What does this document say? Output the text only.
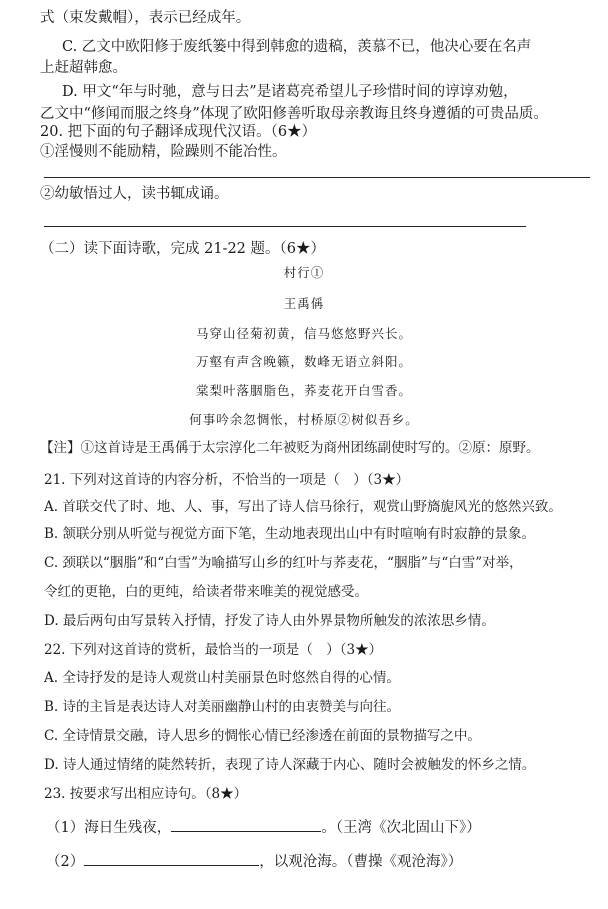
式（束发戴帽），表示已经成年。
C. 乙文中欧阳修于废纸篓中得到韩愈的遗稿，羡慕不已，他决心要在名声
上赶超韩愈。
D. 甲文“年与时驰，意与日去”是诸葛亮希望儿子珍惜时间的谆谆劝勉，
乙文中“修闻而服之终身”体现了欧阳修善听取母亲教诲且终身遵循的可贵品质。
20. 把下面的句子翻译成现代汉语。（6★）
①淫慢则不能励精，险躁则不能冶性。
②幼敏悟过人，读书辄成诵。
（二）读下面诗歌，完成 21-22 题。（6★）
村行①
王禹偁
马穿山径菊初黄，信马悠悠野兴长。
万壑有声含晚籁，数峰无语立斜阳。
棠梨叶落胭脂色，荞麦花开白雪香。
何事吟余忽惆怅，村桥原②树似吾乡。
【注】①这首诗是王禹偁于太宗淳化二年被贬为商州团练副使时写的。②原：原野。
21. 下列对这首诗的内容分析，不恰当的一项是（　）（3★）
A. 首联交代了时、地、人、事，写出了诗人信马徐行，观赏山野旖旎风光的悠然兴致。
B. 颔联分别从听觉与视觉方面下笔，生动地表现出山中有时喧响有时寂静的景象。
C. 颈联以“胭脂”和“白雪”为喻描写山乡的红叶与荞麦花，“胭脂”与“白雪”对举，
令红的更艳，白的更纯，给读者带来唯美的视觉感受。
D. 最后两句由写景转入抒情，抒发了诗人由外界景物所触发的浓浓思乡情。
22. 下列对这首诗的赏析，最恰当的一项是（　）（3★）
A. 全诗抒发的是诗人观赏山村美丽景色时悠然自得的心情。
B. 诗的主旨是表达诗人对美丽幽静山村的由衷赞美与向往。
C. 全诗情景交融，诗人思乡的惆怅心情已经渗透在前面的景物描写之中。
D. 诗人通过情绪的陡然转折，表现了诗人深藏于内心、随时会被触发的怀乡之情。
23. 按要求写出相应诗句。（8★）
（1）海日生残夜，	。（王湾《次北固山下》）
（2）	，以观沧海。（曹操《观沧海》）
